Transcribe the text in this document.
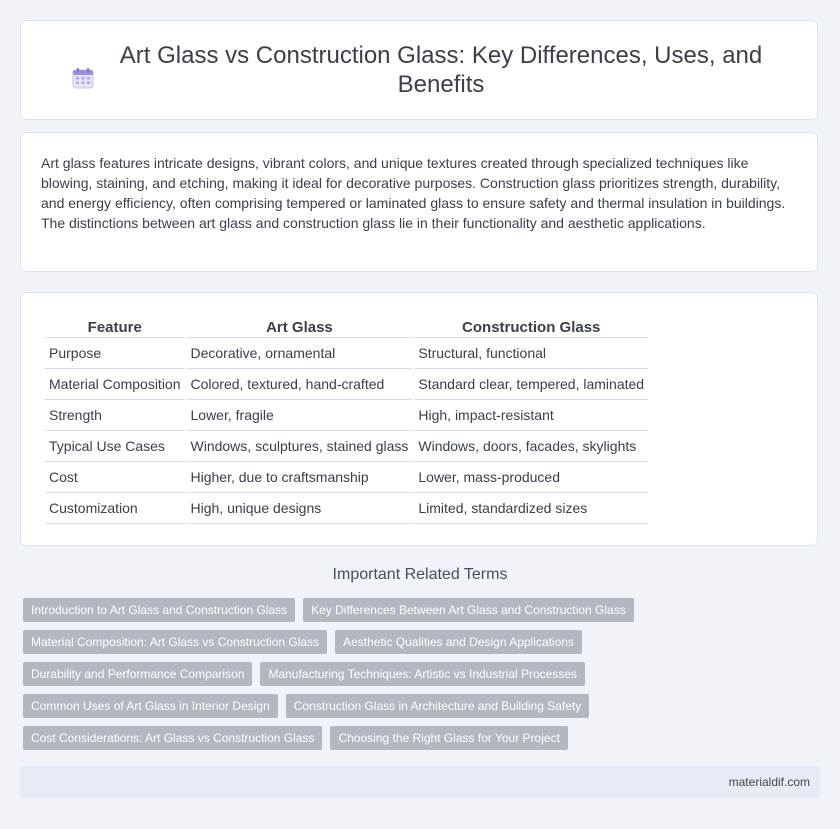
Art Glass vs Construction Glass: Key Differences, Uses, and Benefits

Art glass features intricate designs, vibrant colors, and unique textures created through specialized techniques like blowing, staining, and etching, making it ideal for decorative purposes. Construction glass prioritizes strength, durability, and energy efficiency, often comprising tempered or laminated glass to ensure safety and thermal insulation in buildings. The distinctions between art glass and construction glass lie in their functionality and aesthetic applications.

Feature	Art Glass	Construction Glass
Purpose	Decorative, ornamental	Structural, functional
Material Composition	Colored, textured, hand-crafted	Standard clear, tempered, laminated
Strength	Lower, fragile	High, impact-resistant
Typical Use Cases	Windows, sculptures, stained glass	Windows, doors, facades, skylights
Cost	Higher, due to craftsmanship	Lower, mass-produced
Customization	High, unique designs	Limited, standardized sizes
Important Related Terms
Introduction to Art Glass and Construction Glass	Key Differences Between Art Glass and Construction Glass
Material Composition: Art Glass vs Construction Glass	Aesthetic Qualities and Design Applications
Durability and Performance Comparison	Manufacturing Techniques: Artistic vs Industrial Processes
Common Uses of Art Glass in Interior Design	Construction Glass in Architecture and Building Safety
Cost Considerations: Art Glass vs Construction Glass	Choosing the Right Glass for Your Project
materialdif.com
